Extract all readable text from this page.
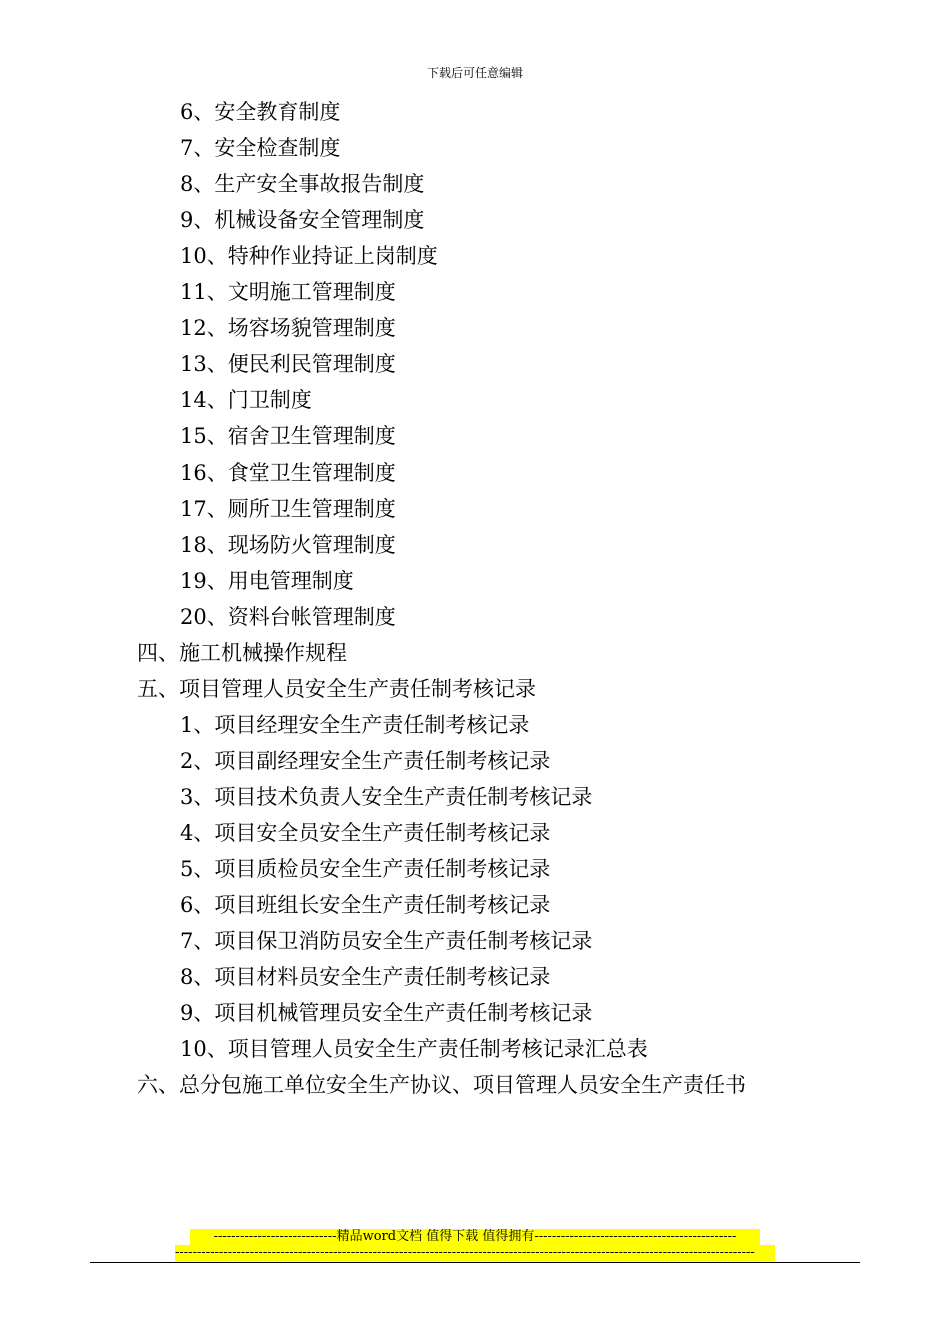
下载后可任意编辑
6、安全教育制度
7、安全检查制度
8、生产安全事故报告制度
9、机械设备安全管理制度
10、特种作业持证上岗制度
11、文明施工管理制度
12、场容场貌管理制度
13、便民利民管理制度
14、门卫制度
15、宿舍卫生管理制度
16、食堂卫生管理制度
17、厕所卫生管理制度
18、现场防火管理制度
19、用电管理制度
20、资料台帐管理制度
四、施工机械操作规程
五、项目管理人员安全生产责任制考核记录
1、项目经理安全生产责任制考核记录
2、项目副经理安全生产责任制考核记录
3、项目技术负责人安全生产责任制考核记录
4、项目安全员安全生产责任制考核记录
5、项目质检员安全生产责任制考核记录
6、项目班组长安全生产责任制考核记录
7、项目保卫消防员安全生产责任制考核记录
8、项目材料员安全生产责任制考核记录
9、项目机械管理员安全生产责任制考核记录
10、项目管理人员安全生产责任制考核记录汇总表
六、总分包施工单位安全生产协议、项目管理人员安全生产责任书
----------------------------精品word文档 值得下载 值得拥有----------------------------------------------
------------------------------------------------------------------------------------------------------------------------------------
